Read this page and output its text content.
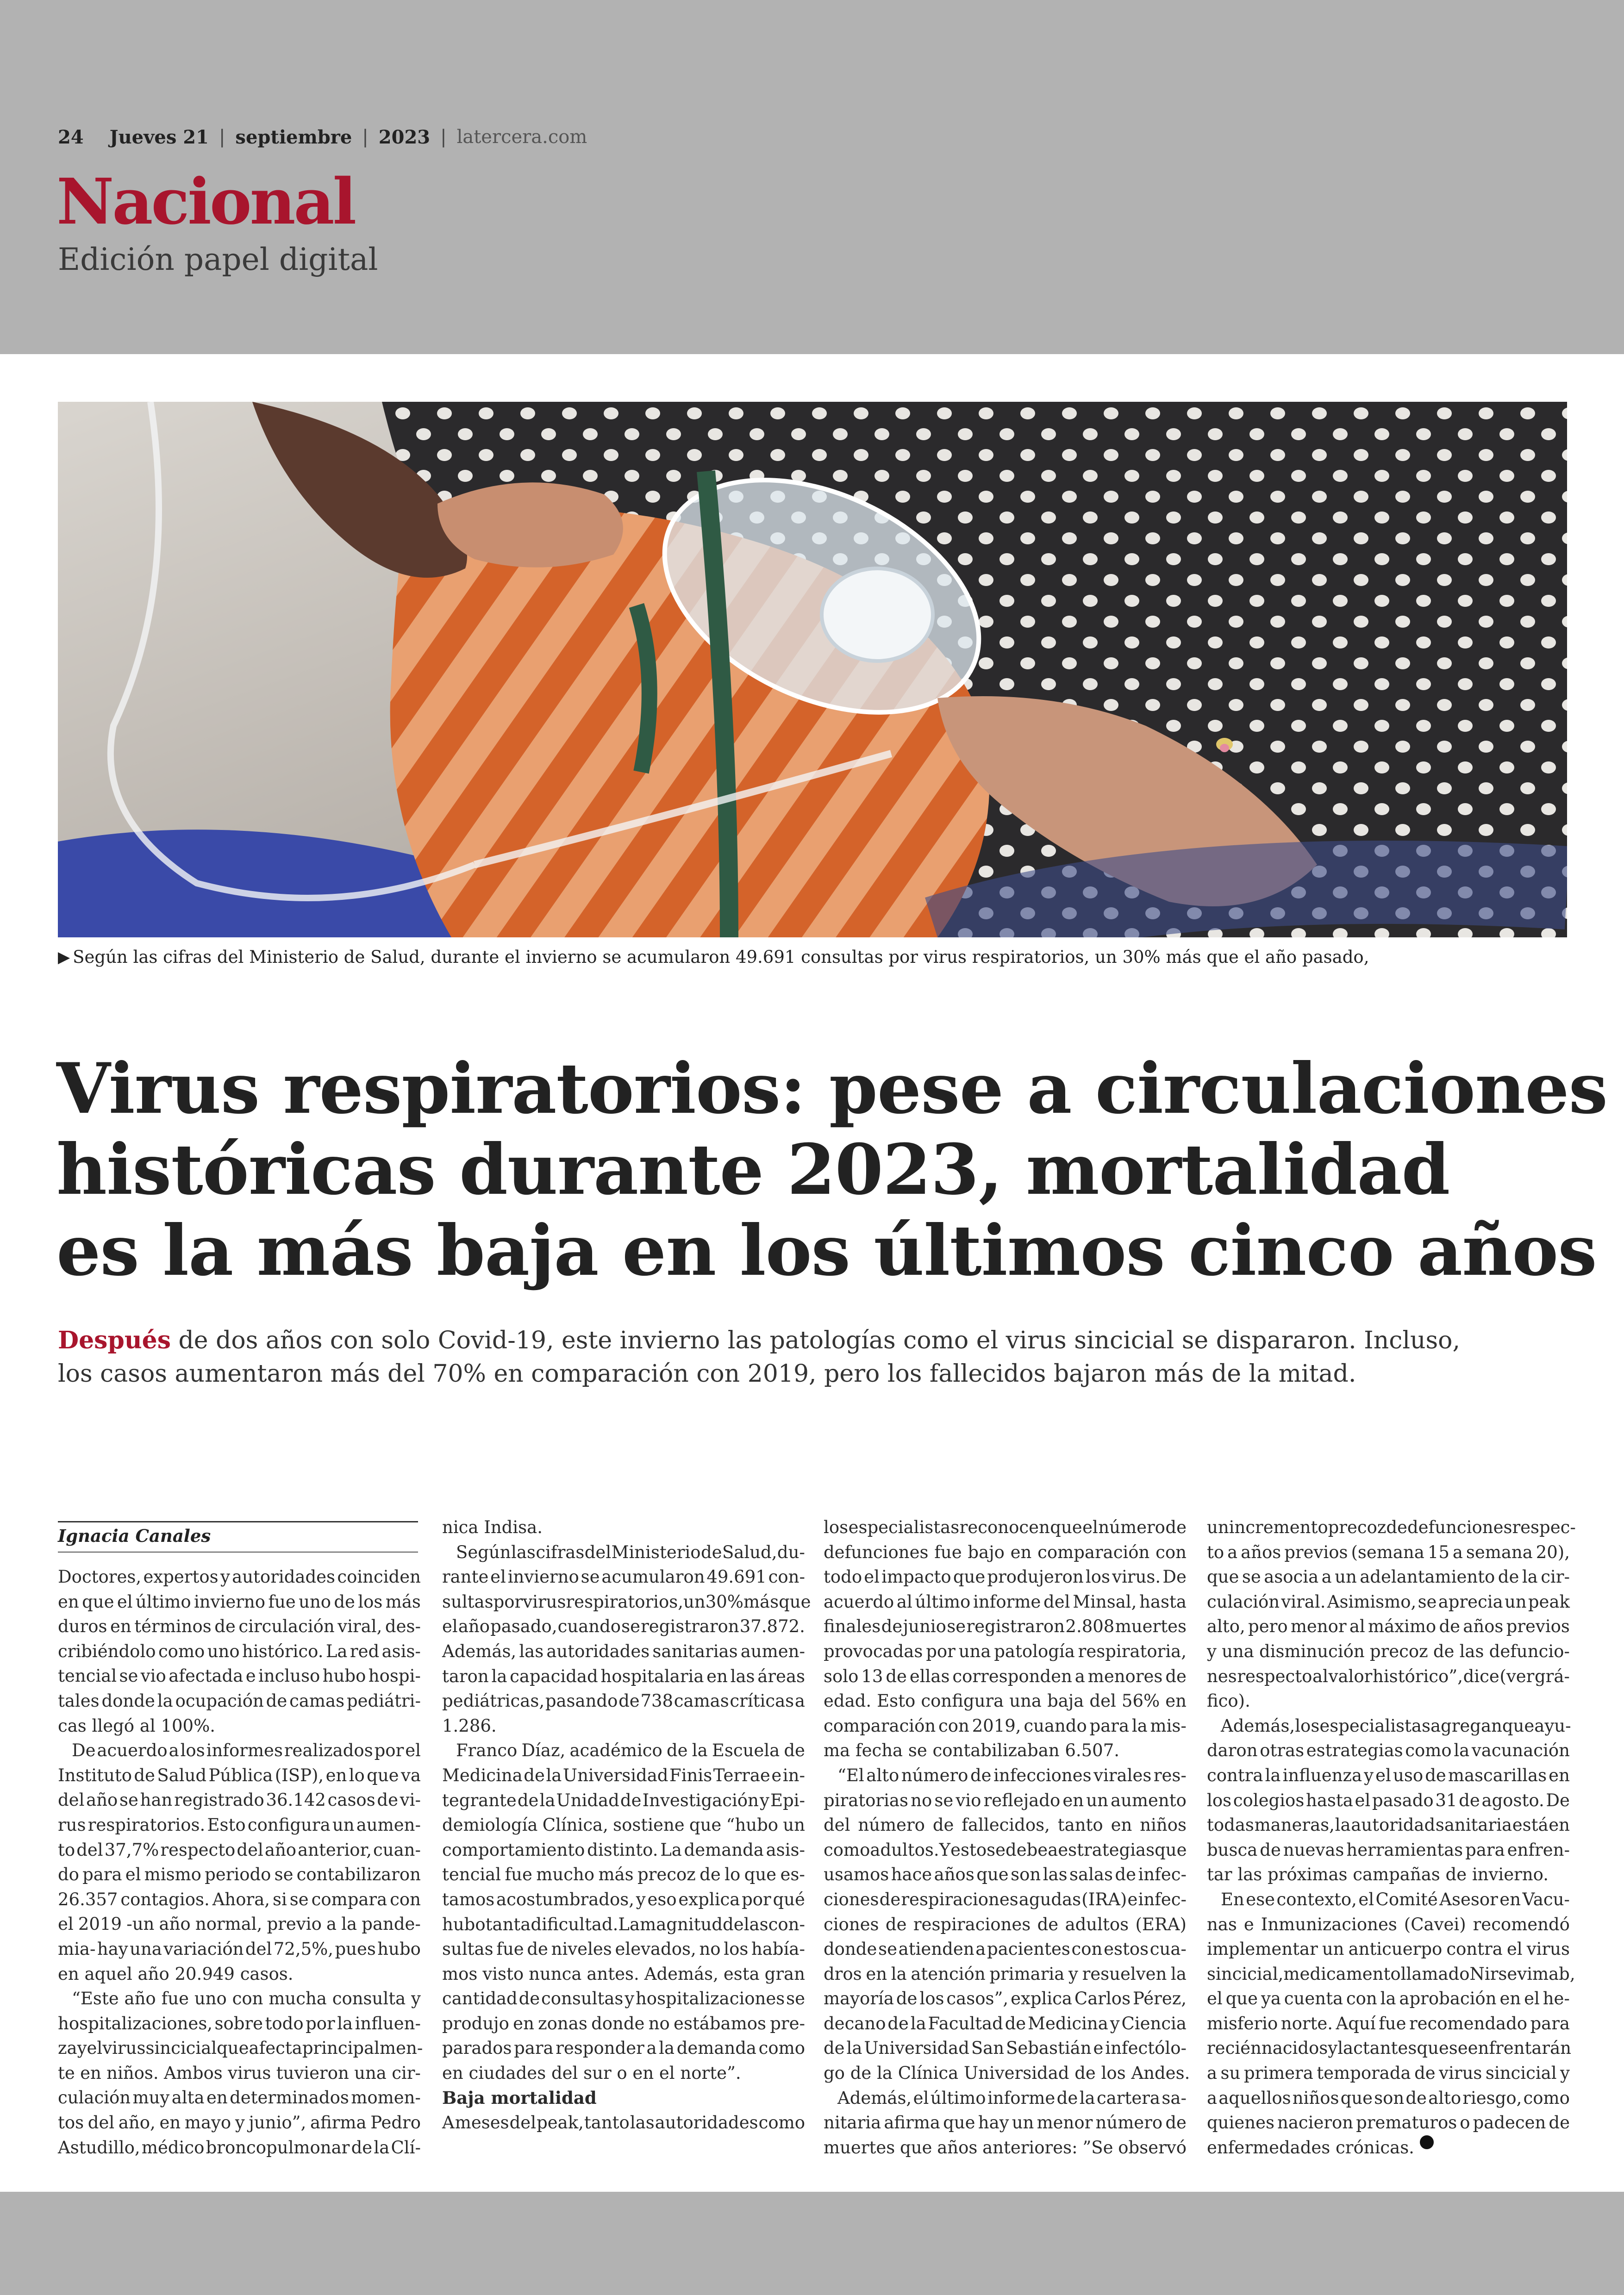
24 Jueves 21 | septiembre | 2023 | latercera.com
Nacional
Edición papel digital
▶ Según las cifras del Ministerio de Salud, durante el invierno se acumularon 49.691 consultas por virus respiratorios, un 30% más que el año pasado,
Virus respiratorios: pese a circulaciones
históricas durante 2023, mortalidad
es la más baja en los últimos cinco años
Después de dos años con solo Covid-19, este invierno las patologías como el virus sincicial se dispararon. Incluso,
los casos aumentaron más del 70% en comparación con 2019, pero los fallecidos bajaron más de la mitad.
Ignacia Canales
Doctores, expertos y autoridades coinciden
en que el último invierno fue uno de los más
duros en términos de circulación viral, des-
cribiéndolo como uno histórico. La red asis-
tencial se vio afectada e incluso hubo hospi-
tales donde la ocupación de camas pediátri-
cas llegó al 100%.
De acuerdo a los informes realizados por el
Instituto de Salud Pública (ISP), en lo que va
del año se han registrado 36.142 casos de vi-
rus respiratorios. Esto configura un aumen-
to del 37,7% respecto del año anterior, cuan-
do para el mismo periodo se contabilizaron
26.357 contagios. Ahora, si se compara con
el 2019 -un año normal, previo a la pande-
mia- hay una variación del 72,5%, pues hubo
en aquel año 20.949 casos.
“Este año fue uno con mucha consulta y
hospitalizaciones, sobre todo por la influen-
za y el virus sincicial que afecta principalmen-
te en niños. Ambos virus tuvieron una cir-
culación muy alta en determinados momen-
tos del año, en mayo y junio”, afirma Pedro
Astudillo, médico broncopulmonar de la Clí-
nica Indisa.
Según las cifras del Ministerio de Salud, du-
rante el invierno se acumularon 49.691 con-
sultas por virus respiratorios, un 30% más que
el año pasado, cuando se registraron 37.872.
Además, las autoridades sanitarias aumen-
taron la capacidad hospitalaria en las áreas
pediátricas, pasando de 738 camas críticas a
1.286.
Franco Díaz, académico de la Escuela de
Medicina de la Universidad Finis Terrae e in-
tegrante de la Unidad de Investigación y Epi-
demiología Clínica, sostiene que “hubo un
comportamiento distinto. La demanda asis-
tencial fue mucho más precoz de lo que es-
tamos acostumbrados, y eso explica por qué
hubo tanta dificultad. La magnitud de las con-
sultas fue de niveles elevados, no los había-
mos visto nunca antes. Además, esta gran
cantidad de consultas y hospitalizaciones se
produjo en zonas donde no estábamos pre-
parados para responder a la demanda como
en ciudades del sur o en el norte”.
Baja mortalidad
A meses del peak, tanto las autoridades como
los especialistas reconocen que el número de
defunciones fue bajo en comparación con
todo el impacto que produjeron los virus. De
acuerdo al último informe del Minsal, hasta
finales de junio se registraron 2.808 muertes
provocadas por una patología respiratoria,
solo 13 de ellas corresponden a menores de
edad. Esto configura una baja del 56% en
comparación con 2019, cuando para la mis-
ma fecha se contabilizaban 6.507.
“El alto número de infecciones virales res-
piratorias no se vio reflejado en un aumento
del número de fallecidos, tanto en niños
como adultos. Y esto se debe a estrategias que
usamos hace años que son las salas de infec-
ciones de respiraciones agudas (IRA) e infec-
ciones de respiraciones de adultos (ERA)
donde se atienden a pacientes con estos cua-
dros en la atención primaria y resuelven la
mayoría de los casos”, explica Carlos Pérez,
decano de la Facultad de Medicina y Ciencia
de la Universidad San Sebastián e infectólo-
go de la Clínica Universidad de los Andes.
Además, el último informe de la cartera sa-
nitaria afirma que hay un menor número de
muertes que años anteriores: ”Se observó
un incremento precoz de defunciones respec-
to a años previos (semana 15 a semana 20),
que se asocia a un adelantamiento de la cir-
culación viral. Asimismo, se aprecia un peak
alto, pero menor al máximo de años previos
y una disminución precoz de las defuncio-
nes respecto al valor histórico”, dice (ver grá-
fico).
Además, los especialistas agregan que ayu-
daron otras estrategias como la vacunación
contra la influenza y el uso de mascarillas en
los colegios hasta el pasado 31 de agosto. De
todas maneras, la autoridad sanitaria está en
busca de nuevas herramientas para enfren-
tar las próximas campañas de invierno.
En ese contexto, el Comité Asesor en Vacu-
nas e Inmunizaciones (Cavei) recomendó
implementar un anticuerpo contra el virus
sincicial, medicamento llamado Nirsevimab,
el que ya cuenta con la aprobación en el he-
misferio norte. Aquí fue recomendado para
recién nacidos y lactantes que se enfrentarán
a su primera temporada de virus sincicial y
a aquellos niños que son de alto riesgo, como
quienes nacieron prematuros o padecen de
enfermedades crónicas.
